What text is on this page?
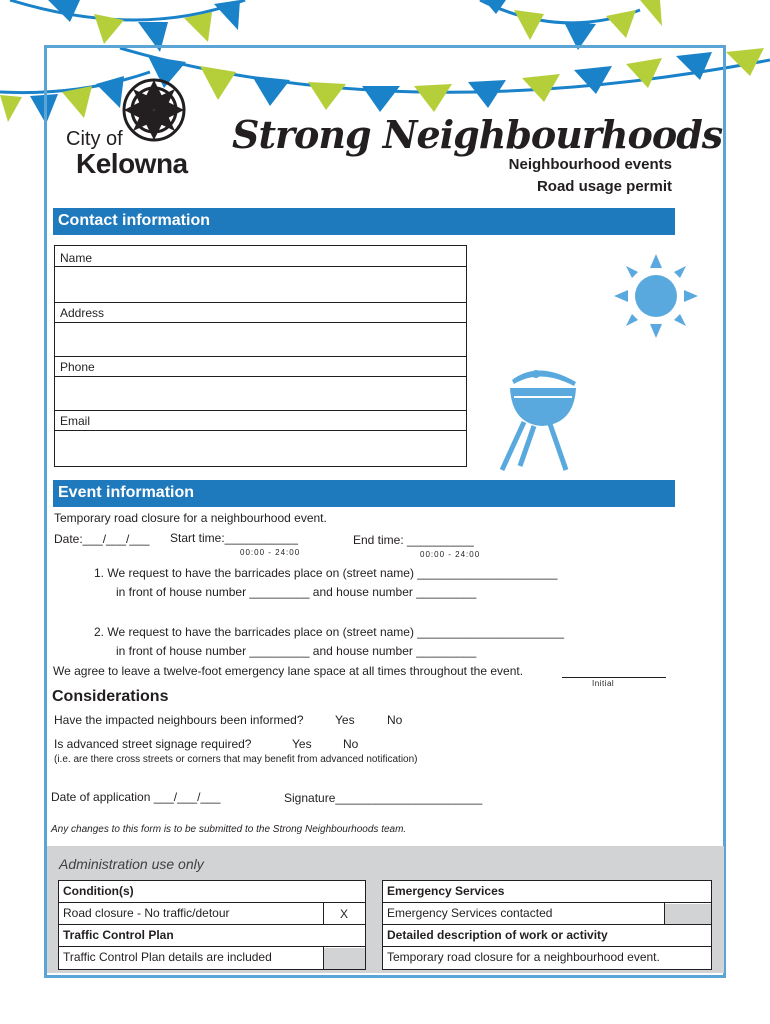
City of
Kelowna
Strong Neighbourhoods
Neighbourhood events
Road usage permit
Contact information
Name
Address
Phone
Email
Event information
Temporary road closure for a neighbourhood event.
Date:___/___/___ Start time:___________
00:00 - 24:00
End time: __________
00:00 - 24:00
1. We request to have the barricades place on (street name) _____________________
in front of house number _________ and house number _________
2. We request to have the barricades place on (street name) ______________________
in front of house number _________ and house number _________
We agree to leave a twelve-foot emergency lane space at all times throughout the event.
Initial
Considerations
Have the impacted neighbours been informed?	Yes	No
Is advanced street signage required?	Yes	No
(i.e. are there cross streets or corners that may benefit from advanced notification)
Date of application ___/___/___	Signature______________________
Any changes to this form is to be submitted to the Strong Neighbourhoods team.
Administration use only
Condition(s)
Road closure - No traffic/detour	X
Traffic Control Plan
Traffic Control Plan details are included
Emergency Services
Emergency Services contacted
Detailed description of work or activity
Temporary road closure for a neighbourhood event.
